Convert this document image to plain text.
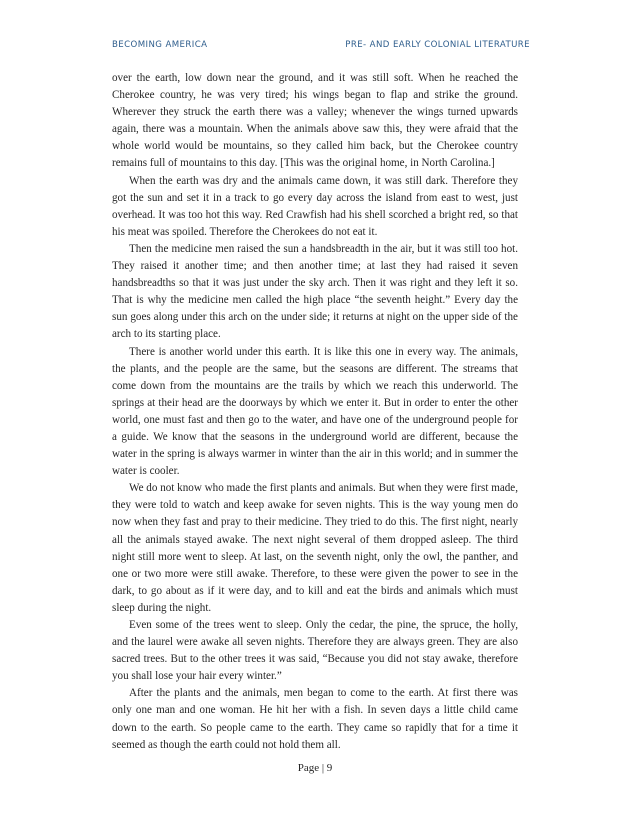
BECOMING AMERICA	PRE- AND EARLY COLONIAL LITERATURE

over the earth, low down near the ground, and it was still soft. When he reached the Cherokee country, he was very tired; his wings began to flap and strike the ground. Wherever they struck the earth there was a valley; whenever the wings turned upwards again, there was a mountain. When the animals above saw this, they were afraid that the whole world would be mountains, so they called him back, but the Cherokee country remains full of mountains to this day. [This was the original home, in North Carolina.]

When the earth was dry and the animals came down, it was still dark. Therefore they got the sun and set it in a track to go every day across the island from east to west, just overhead. It was too hot this way. Red Crawfish had his shell scorched a bright red, so that his meat was spoiled. Therefore the Cherokees do not eat it.

Then the medicine men raised the sun a handsbreadth in the air, but it was still too hot. They raised it another time; and then another time; at last they had raised it seven handsbreadths so that it was just under the sky arch. Then it was right and they left it so. That is why the medicine men called the high place “the seventh height.” Every day the sun goes along under this arch on the under side; it returns at night on the upper side of the arch to its starting place.

There is another world under this earth. It is like this one in every way. The animals, the plants, and the people are the same, but the seasons are different. The streams that come down from the mountains are the trails by which we reach this underworld. The springs at their head are the doorways by which we enter it. But in order to enter the other world, one must fast and then go to the water, and have one of the underground people for a guide. We know that the seasons in the underground world are different, because the water in the spring is always warmer in winter than the air in this world; and in summer the water is cooler.

We do not know who made the first plants and animals. But when they were first made, they were told to watch and keep awake for seven nights. This is the way young men do now when they fast and pray to their medicine. They tried to do this. The first night, nearly all the animals stayed awake. The next night several of them dropped asleep. The third night still more went to sleep. At last, on the seventh night, only the owl, the panther, and one or two more were still awake. Therefore, to these were given the power to see in the dark, to go about as if it were day, and to kill and eat the birds and animals which must sleep during the night.

Even some of the trees went to sleep. Only the cedar, the pine, the spruce, the holly, and the laurel were awake all seven nights. Therefore they are always green. They are also sacred trees. But to the other trees it was said, “Because you did not stay awake, therefore you shall lose your hair every winter.”

After the plants and the animals, men began to come to the earth. At first there was only one man and one woman. He hit her with a fish. In seven days a little child came down to the earth. So people came to the earth. They came so rapidly that for a time it seemed as though the earth could not hold them all.

Page | 9
